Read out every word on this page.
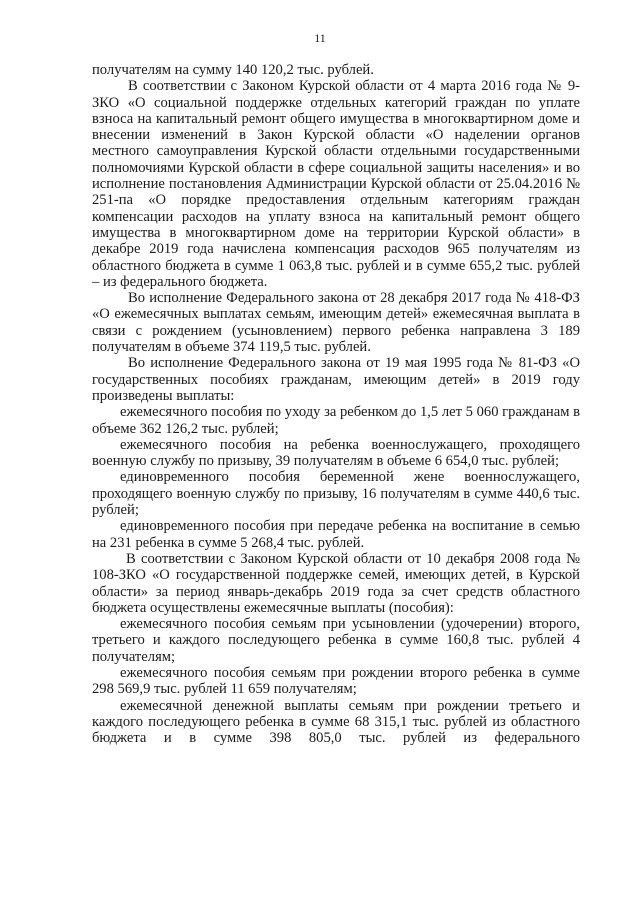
11

получателям на сумму 140 120,2 тыс. рублей.

В соответствии с Законом Курской области от 4 марта 2016 года № 9-ЗКО «О социальной поддержке отдельных категорий граждан по уплате взноса на капитальный ремонт общего имущества в многоквартирном доме и внесении изменений в Закон Курской области «О наделении органов местного самоуправления Курской области отдельными государственными полномочиями Курской области в сфере социальной защиты населения» и во исполнение постановления Администрации Курской области от 25.04.2016 № 251-па «О порядке предоставления отдельным категориям граждан компенсации расходов на уплату взноса на капитальный ремонт общего имущества в многоквартирном доме на территории Курской области» в декабре 2019 года начислена компенсация расходов 965 получателям из областного бюджета в сумме 1 063,8 тыс. рублей и в сумме 655,2 тыс. рублей – из федерального бюджета.

Во исполнение Федерального закона от 28 декабря 2017 года № 418-ФЗ «О ежемесячных выплатах семьям, имеющим детей» ежемесячная выплата в связи с рождением (усыновлением) первого ребенка направлена 3 189 получателям в объеме 374 119,5 тыс. рублей.

Во исполнение Федерального закона от 19 мая 1995 года № 81-ФЗ «О государственных пособиях гражданам, имеющим детей» в 2019 году произведены выплаты:

ежемесячного пособия по уходу за ребенком до 1,5 лет 5 060 гражданам в объеме 362 126,2 тыс. рублей;

ежемесячного пособия на ребенка военнослужащего, проходящего военную службу по призыву, 39 получателям в объеме 6 654,0 тыс. рублей;

единовременного пособия беременной жене военнослужащего, проходящего военную службу по призыву, 16 получателям в сумме 440,6 тыс. рублей;

единовременного пособия при передаче ребенка на воспитание в семью на 231 ребенка в сумме 5 268,4 тыс. рублей.

В соответствии с Законом Курской области от 10 декабря 2008 года № 108-ЗКО «О государственной поддержке семей, имеющих детей, в Курской области» за период январь-декабрь 2019 года за счет средств областного бюджета осуществлены ежемесячные выплаты (пособия):

ежемесячного пособия семьям при усыновлении (удочерении) второго, третьего и каждого последующего ребенка в сумме 160,8 тыс. рублей 4 получателям;

ежемесячного пособия семьям при рождении второго ребенка в сумме 298 569,9 тыс. рублей 11 659 получателям;

ежемесячной денежной выплаты семьям при рождении третьего и каждого последующего ребенка в сумме 68 315,1 тыс. рублей из областного бюджета и в сумме 398 805,0 тыс. рублей из федерального
